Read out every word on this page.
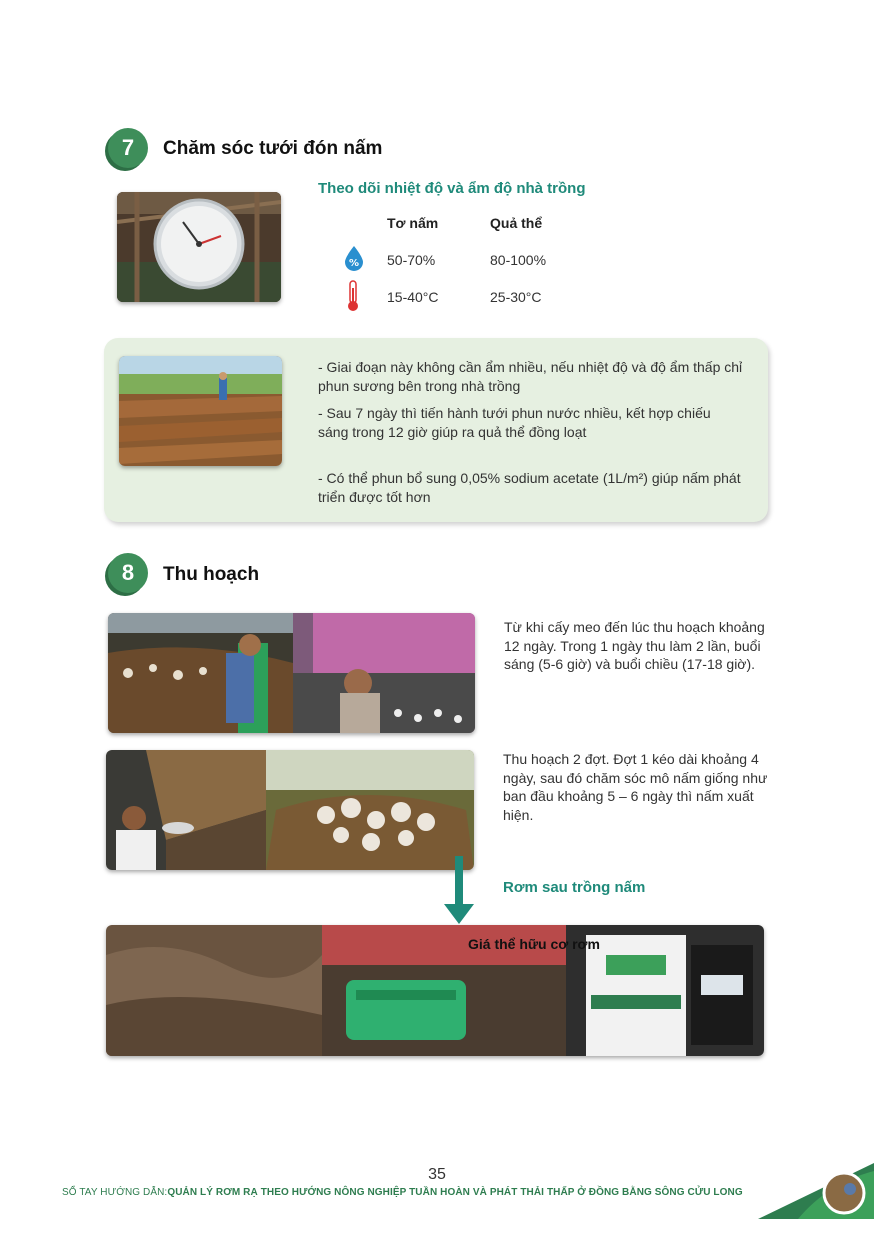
7 Chăm sóc tưới đón nấm
Theo dõi nhiệt độ và ẩm độ nhà trồng
Tơ nấm	Quả thể
% 50-70%	80-100%
15-40°C	25-30°C
- Giai đoạn này không cần ẩm nhiều, nếu nhiệt độ và độ ẩm thấp chỉ phun sương bên trong nhà trồng
- Sau 7 ngày thì tiến hành tưới phun nước nhiều, kết hợp chiếu sáng trong 12 giờ giúp ra quả thể đồng loạt
- Có thể phun bổ sung 0,05% sodium acetate (1L/m²) giúp nấm phát triển được tốt hơn
8 Thu hoạch
Từ khi cấy meo đến lúc thu hoạch khoảng 12 ngày. Trong 1 ngày thu làm 2 lần, buổi sáng (5-6 giờ) và buổi chiều (17-18 giờ).
Thu hoạch 2 đợt. Đợt 1 kéo dài khoảng 4 ngày, sau đó chăm sóc mô nấm giống như ban đầu khoảng 5 – 6 ngày thì nấm xuất hiện.
Rơm sau trồng nấm
Giá thể hữu cơ rơm
35
SỔ TAY HƯỚNG DẪN:QUẢN LÝ RƠM RẠ THEO HƯỚNG NÔNG NGHIỆP TUẦN HOÀN VÀ PHÁT THẢI THẤP Ở ĐỒNG BẰNG SÔNG CỬU LONG
